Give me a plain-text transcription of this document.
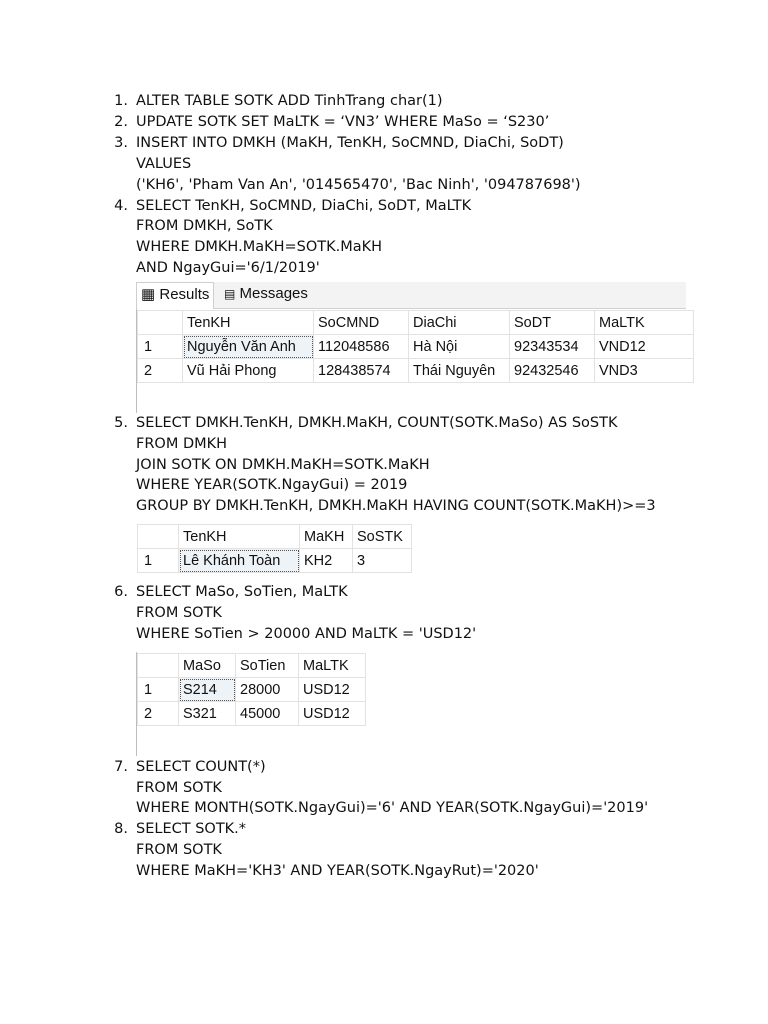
1. ALTER TABLE SOTK ADD TinhTrang char(1)
2. UPDATE SOTK SET MaLTK = ‘VN3’ WHERE MaSo = ‘S230’
3. INSERT INTO DMKH (MaKH, TenKH, SoCMND, DiaChi, SoDT)
VALUES
('KH6', 'Pham Van An', '014565470', 'Bac Ninh', '094787698')
4. SELECT TenKH, SoCMND, DiaChi, SoDT, MaLTK
FROM DMKH, SoTK
WHERE DMKH.MaKH=SOTK.MaKH
AND NgayGui='6/1/2019'
▦ Results	▤ Messages
	TenKH	SoCMND	DiaChi	SoDT	MaLTK
1	Nguyễn Văn Anh	112048586	Hà Nội	92343534	VND12
2	Vũ Hải Phong	128438574	Thái Nguyên	92432546	VND3
5. SELECT DMKH.TenKH, DMKH.MaKH, COUNT(SOTK.MaSo) AS SoSTK
FROM DMKH
JOIN SOTK ON DMKH.MaKH=SOTK.MaKH
WHERE YEAR(SOTK.NgayGui) = 2019
GROUP BY DMKH.TenKH, DMKH.MaKH HAVING COUNT(SOTK.MaKH)>=3
	TenKH	MaKH	SoSTK
1	Lê Khánh Toàn	KH2	3
6. SELECT MaSo, SoTien, MaLTK
FROM SOTK
WHERE SoTien > 20000 AND MaLTK = 'USD12'
	MaSo	SoTien	MaLTK
1	S214	28000	USD12
2	S321	45000	USD12
7. SELECT COUNT(*)
FROM SOTK
WHERE MONTH(SOTK.NgayGui)='6' AND YEAR(SOTK.NgayGui)='2019'
8. SELECT SOTK.*
FROM SOTK
WHERE MaKH='KH3' AND YEAR(SOTK.NgayRut)='2020'
